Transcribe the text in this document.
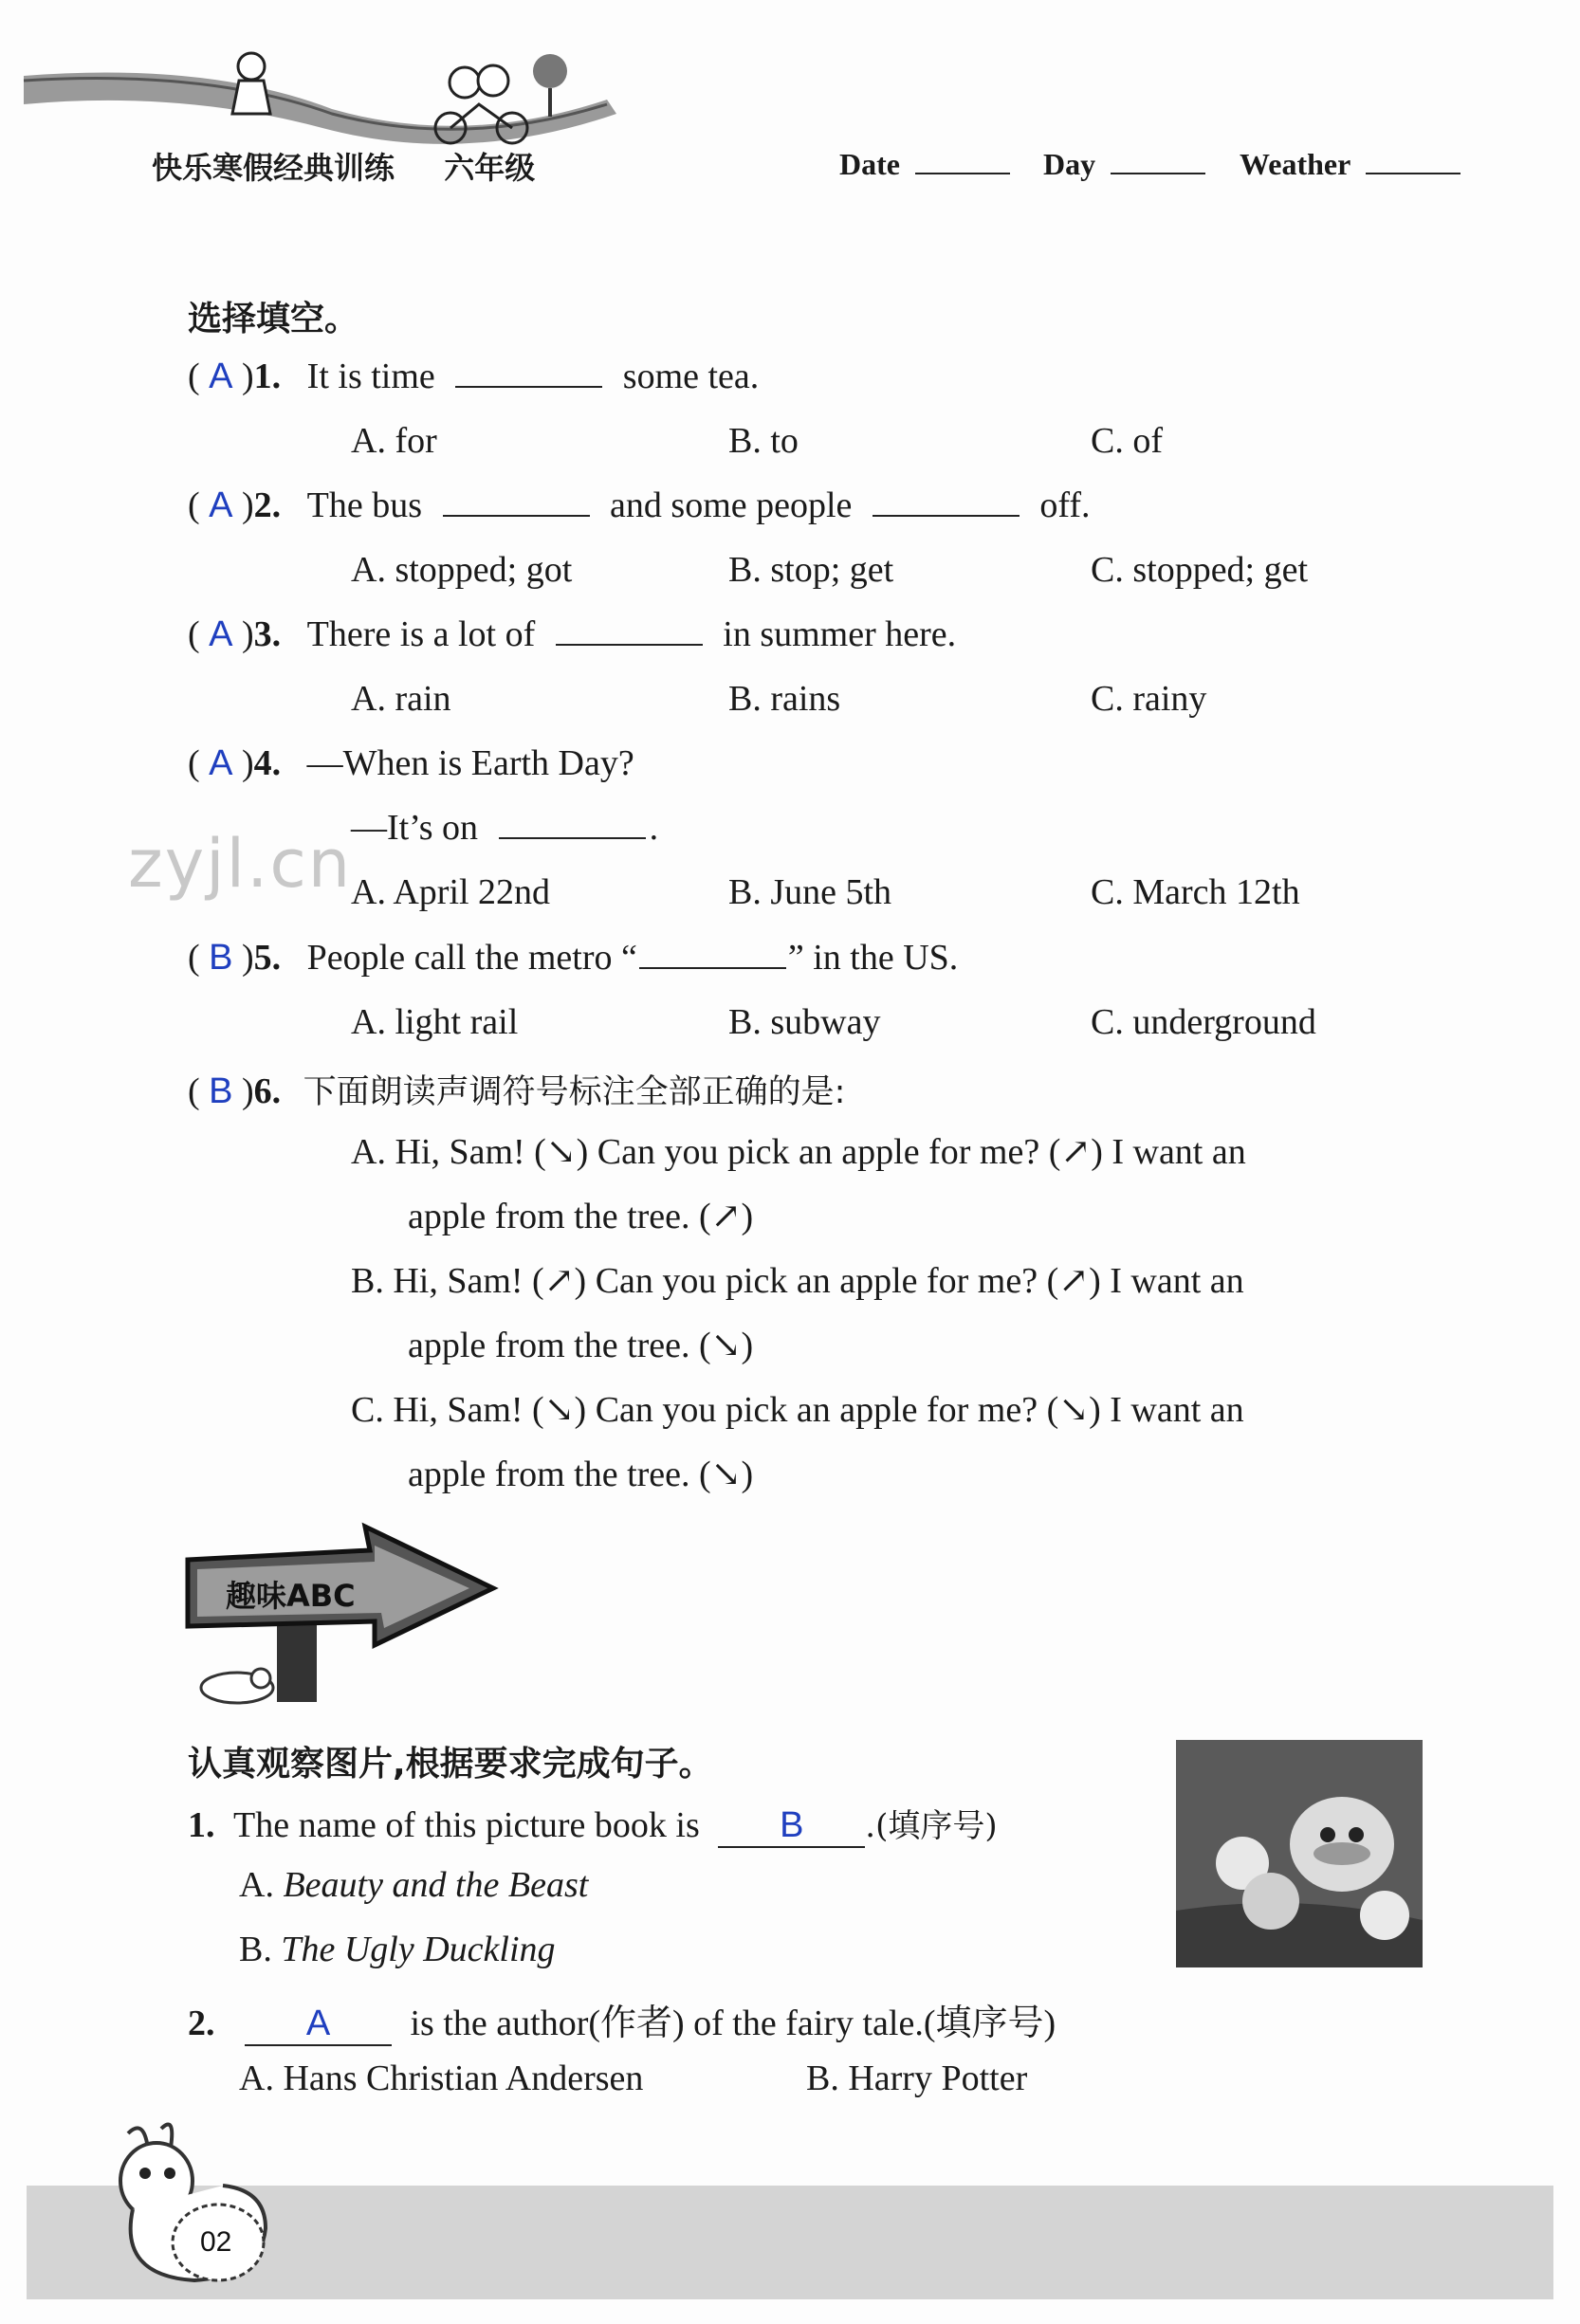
快乐寒假经典训练 六年级	Date	Day	Weather
选择填空。
( A )1. It is time	some tea.
A. for	B. to	C. of
( A )2. The bus	and some people	off.
A. stopped; got	B. stop; get	C. stopped; get
( A )3. There is a lot of	in summer here.
A. rain	B. rains	C. rainy
( A )4. —When is Earth Day?
—It’s on	.
zyjl.cn
A. April 22nd	B. June 5th	C. March 12th
( B )5. People call the metro “	” in the US.
A. light rail	B. subway	C. underground
( B )6. 下面朗读声调符号标注全部正确的是:
A. Hi, Sam! (↘) Can you pick an apple for me? (↗) I want an
apple from the tree. (↗)
B. Hi, Sam! (↗) Can you pick an apple for me? (↗) I want an
apple from the tree. (↘)
C. Hi, Sam! (↘) Can you pick an apple for me? (↘) I want an
apple from the tree. (↘)
趣味ABC
认真观察图片,根据要求完成句子。
1. The name of this picture book is B .(填序号)
A. Beauty and the Beast
B. The Ugly Duckling
2.	A is the author(作者) of the fairy tale.(填序号)
A. Hans Christian Andersen	B. Harry Potter
02
